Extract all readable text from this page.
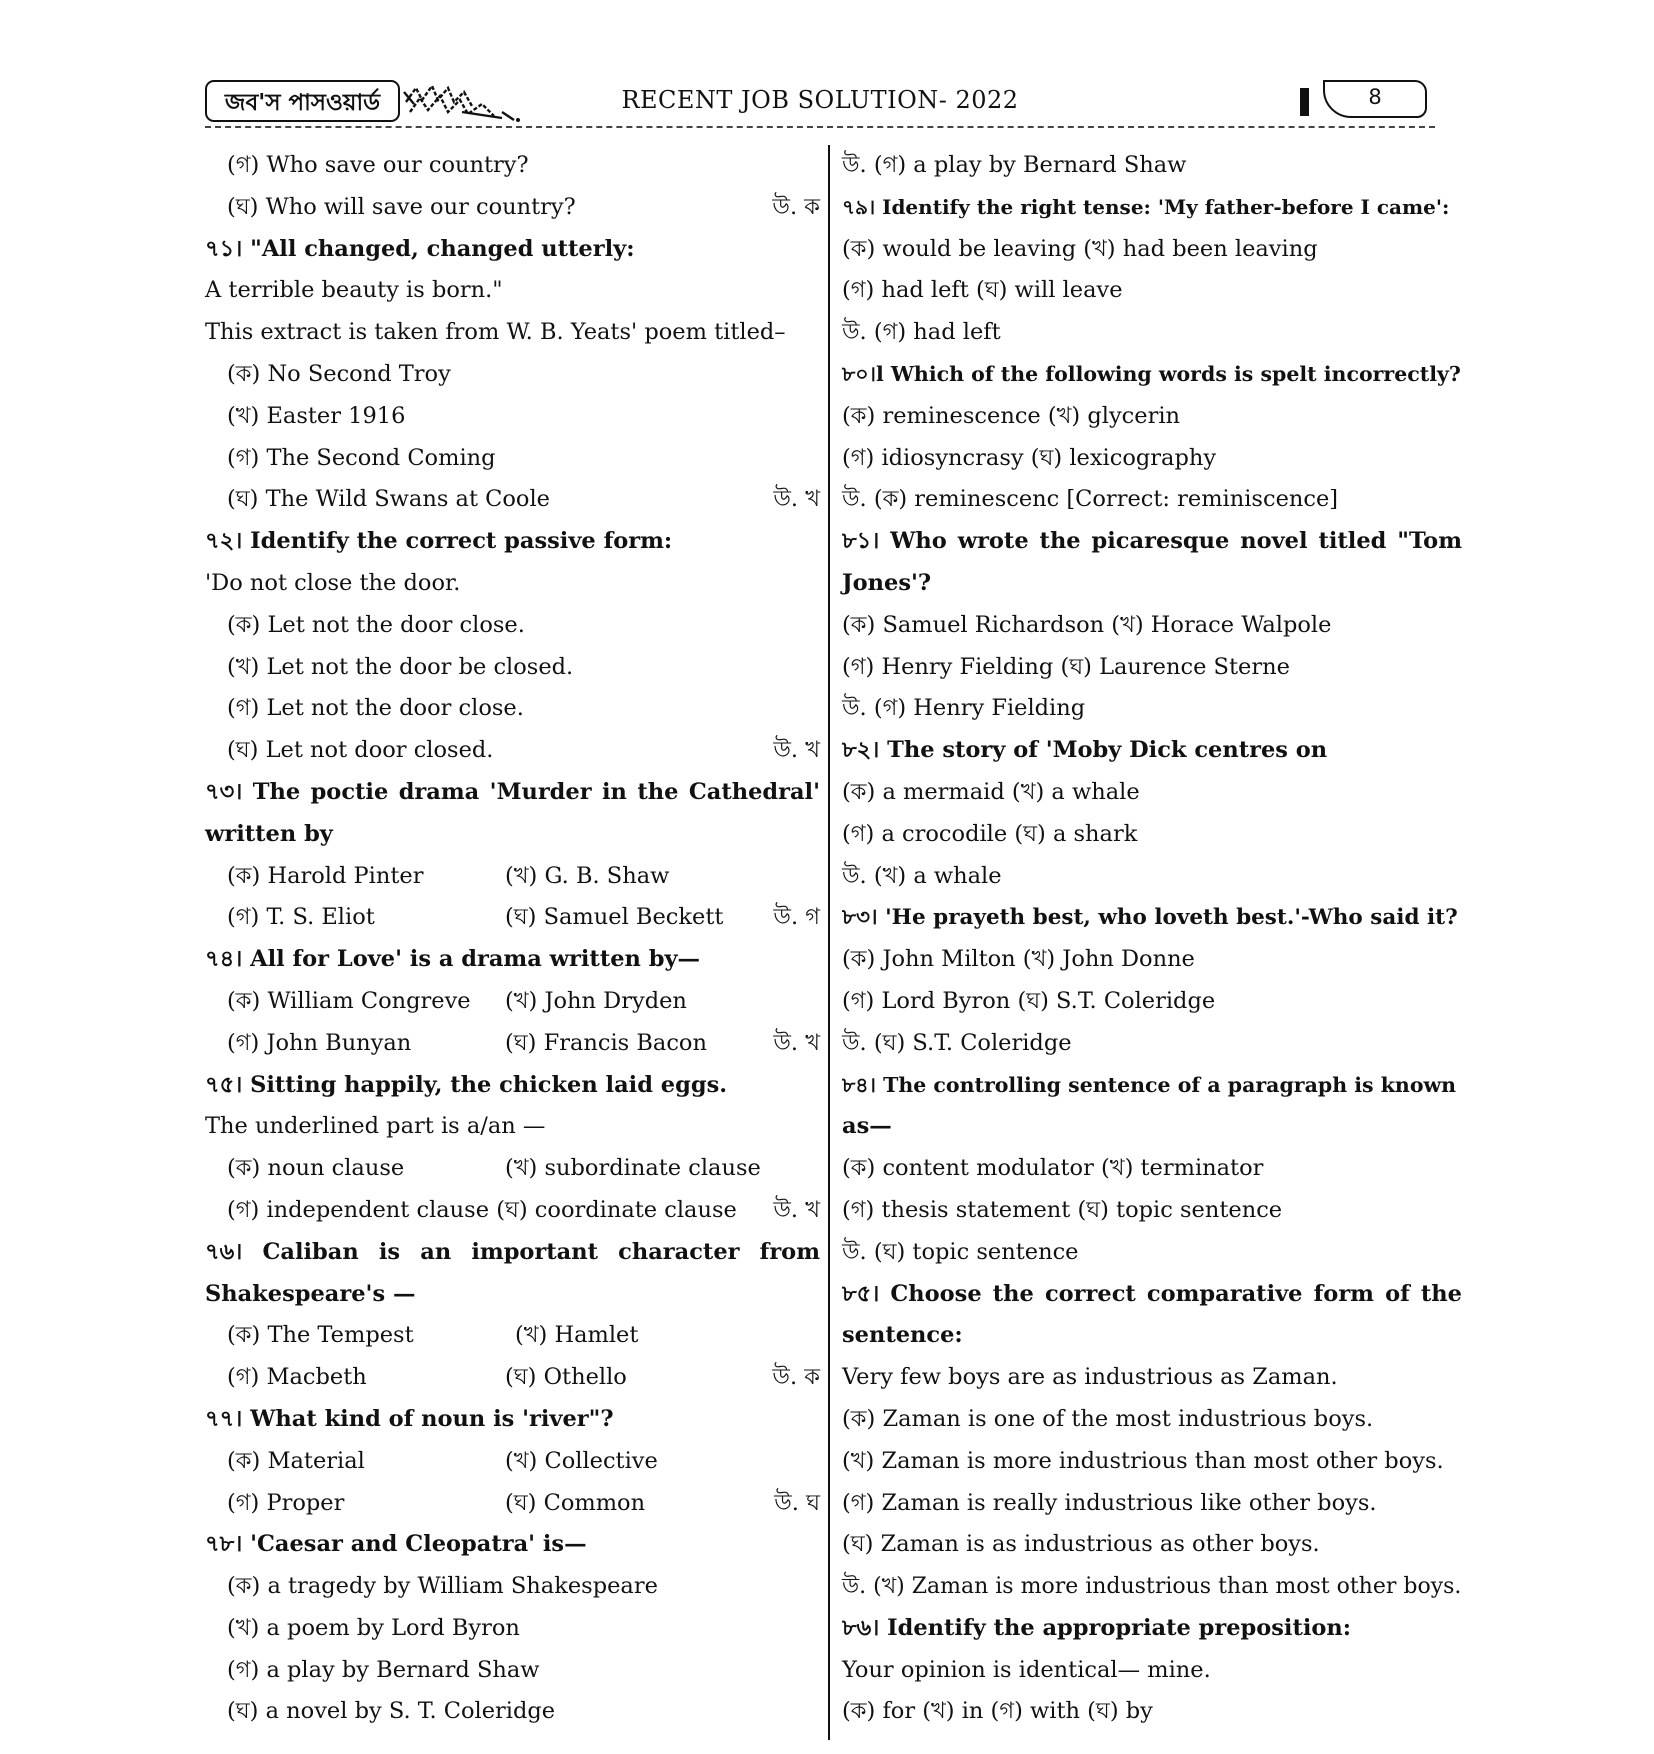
জব'স পাসওয়ার্ড	RECENT JOB SOLUTION- 2022	8
(গ) Who save our country?
(ঘ) Who will save our country?	উ. ক
৭১। "All changed, changed utterly:
A terrible beauty is born."
This extract is taken from W. B. Yeats' poem titled–
(ক) No Second Troy
(খ) Easter 1916
(গ) The Second Coming
(ঘ) The Wild Swans at Coole	উ. খ
৭২। Identify the correct passive form:
'Do not close the door.
(ক) Let not the door close.
(খ) Let not the door be closed.
(গ) Let not the door close.
(ঘ) Let not door closed.	উ. খ
৭৩। The poctie drama 'Murder in the Cathedral'
written by
(ক) Harold Pinter	(খ) G. B. Shaw
(গ) T. S. Eliot	(ঘ) Samuel Beckett উ. গ
৭৪। All for Love' is a drama written by—
(ক) William Congreve (খ) John Dryden
(গ) John Bunyan	(ঘ) Francis Bacon	উ. খ
৭৫। Sitting happily, the chicken laid eggs.
The underlined part is a/an —
(ক) noun clause	(খ) subordinate clause
(গ) independent clause (ঘ) coordinate clause উ. খ
৭৬। Caliban is an important character from
Shakespeare's —
(ক) The Tempest	(খ) Hamlet
(গ) Macbeth	(ঘ) Othello	উ. ক
৭৭। What kind of noun is 'river"?
(ক) Material	(খ) Collective
(গ) Proper	(ঘ) Common	উ. ঘ
৭৮। 'Caesar and Cleopatra' is—
(ক) a tragedy by William Shakespeare
(খ) a poem by Lord Byron
(গ) a play by Bernard Shaw
(ঘ) a novel by S. T. Coleridge
উ. (গ) a play by Bernard Shaw
৭৯। Identify the right tense: 'My father-before I came':
(ক) would be leaving (খ) had been leaving
(গ) had left (ঘ) will leave
উ. (গ) had left
৮০।l Which of the following words is spelt incorrectly?
(ক) reminescence (খ) glycerin
(গ) idiosyncrasy (ঘ) lexicography
উ. (ক) reminescenc [Correct: reminiscence]
৮১। Who wrote the picaresque novel titled "Tom
Jones'?
(ক) Samuel Richardson (খ) Horace Walpole
(গ) Henry Fielding (ঘ) Laurence Sterne
উ. (গ) Henry Fielding
৮২। The story of 'Moby Dick centres on
(ক) a mermaid (খ) a whale
(গ) a crocodile (ঘ) a shark
উ. (খ) a whale
৮৩। 'He prayeth best, who loveth best.'-Who said it?
(ক) John Milton (খ) John Donne
(গ) Lord Byron (ঘ) S.T. Coleridge
উ. (ঘ) S.T. Coleridge
৮৪। The controlling sentence of a paragraph is known
as—
(ক) content modulator (খ) terminator
(গ) thesis statement (ঘ) topic sentence
উ. (ঘ) topic sentence
৮৫। Choose the correct comparative form of the
sentence:
Very few boys are as industrious as Zaman.
(ক) Zaman is one of the most industrious boys.
(খ) Zaman is more industrious than most other boys.
(গ) Zaman is really industrious like other boys.
(ঘ) Zaman is as industrious as other boys.
উ. (খ) Zaman is more industrious than most other boys.
৮৬। Identify the appropriate preposition:
Your opinion is identical— mine.
(ক) for (খ) in (গ) with (ঘ) by
